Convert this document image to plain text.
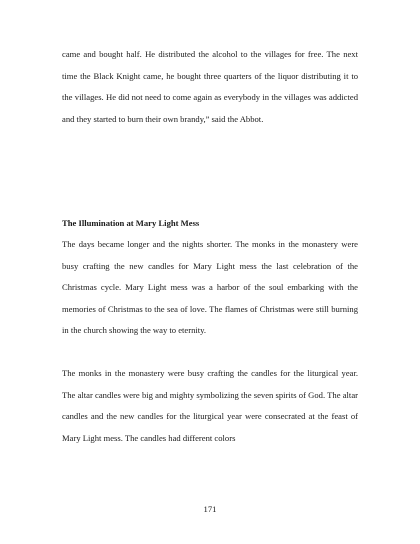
came and bought half. He distributed the alcohol to the villages for free. The next time the Black Knight came, he bought three quarters of the liquor distributing it to the villages. He did not need to come again as everybody in the villages was addicted and they started to burn their own brandy,” said the Abbot.

The Illumination at Mary Light Mess

The days became longer and the nights shorter. The monks in the monastery were busy crafting the new candles for Mary Light mess the last celebration of the Christmas cycle. Mary Light mess was a harbor of the soul embarking with the memories of Christmas to the sea of love. The flames of Christmas were still burning in the church showing the way to eternity.

The monks in the monastery were busy crafting the candles for the liturgical year. The altar candles were big and mighty symbolizing the seven spirits of God. The altar candles and the new candles for the liturgical year were consecrated at the feast of Mary Light mess. The candles had different colors

171
